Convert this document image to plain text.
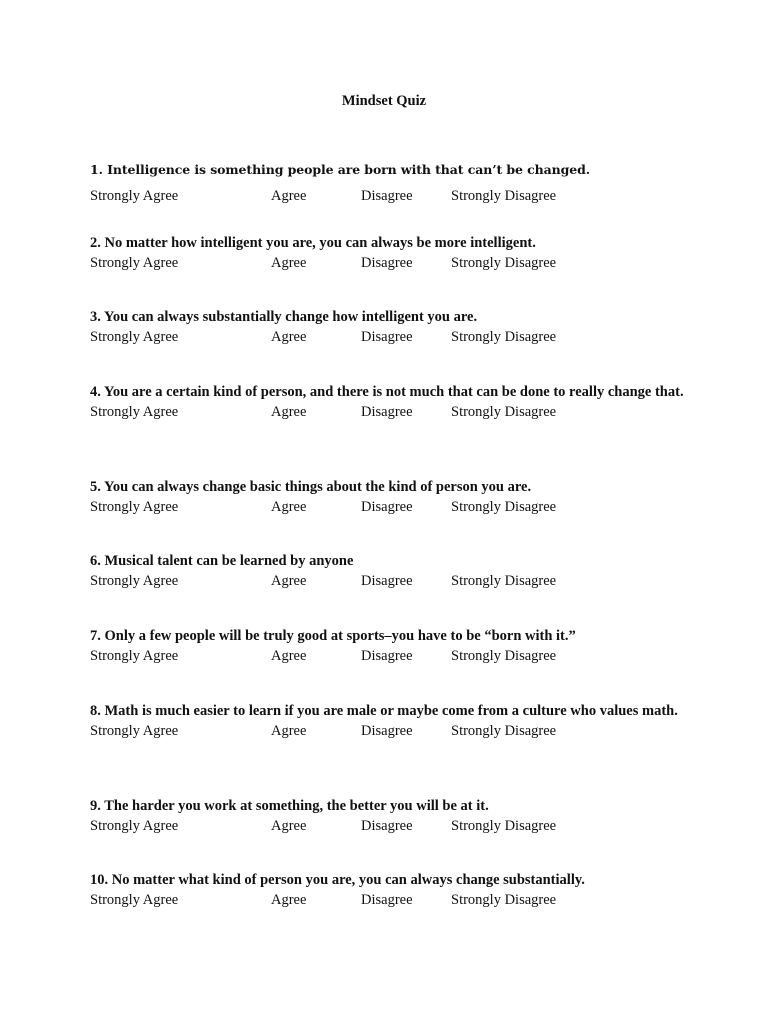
Mindset Quiz
1. Intelligence is something people are born with that can’t be changed.
Strongly Agree	Agree	Disagree	Strongly Disagree
2. No matter how intelligent you are, you can always be more intelligent.
Strongly Agree	Agree	Disagree	Strongly Disagree
3. You can always substantially change how intelligent you are.
Strongly Agree	Agree	Disagree	Strongly Disagree
4. You are a certain kind of person, and there is not much that can be done to really change that.
Strongly Agree	Agree	Disagree	Strongly Disagree
5. You can always change basic things about the kind of person you are.
Strongly Agree	Agree	Disagree	Strongly Disagree
6. Musical talent can be learned by anyone
Strongly Agree	Agree	Disagree	Strongly Disagree
7. Only a few people will be truly good at sports–you have to be “born with it.”
Strongly Agree	Agree	Disagree	Strongly Disagree
8. Math is much easier to learn if you are male or maybe come from a culture who values math.
Strongly Agree	Agree	Disagree	Strongly Disagree
9. The harder you work at something, the better you will be at it.
Strongly Agree	Agree	Disagree	Strongly Disagree
10. No matter what kind of person you are, you can always change substantially.
Strongly Agree	Agree	Disagree	Strongly Disagree
